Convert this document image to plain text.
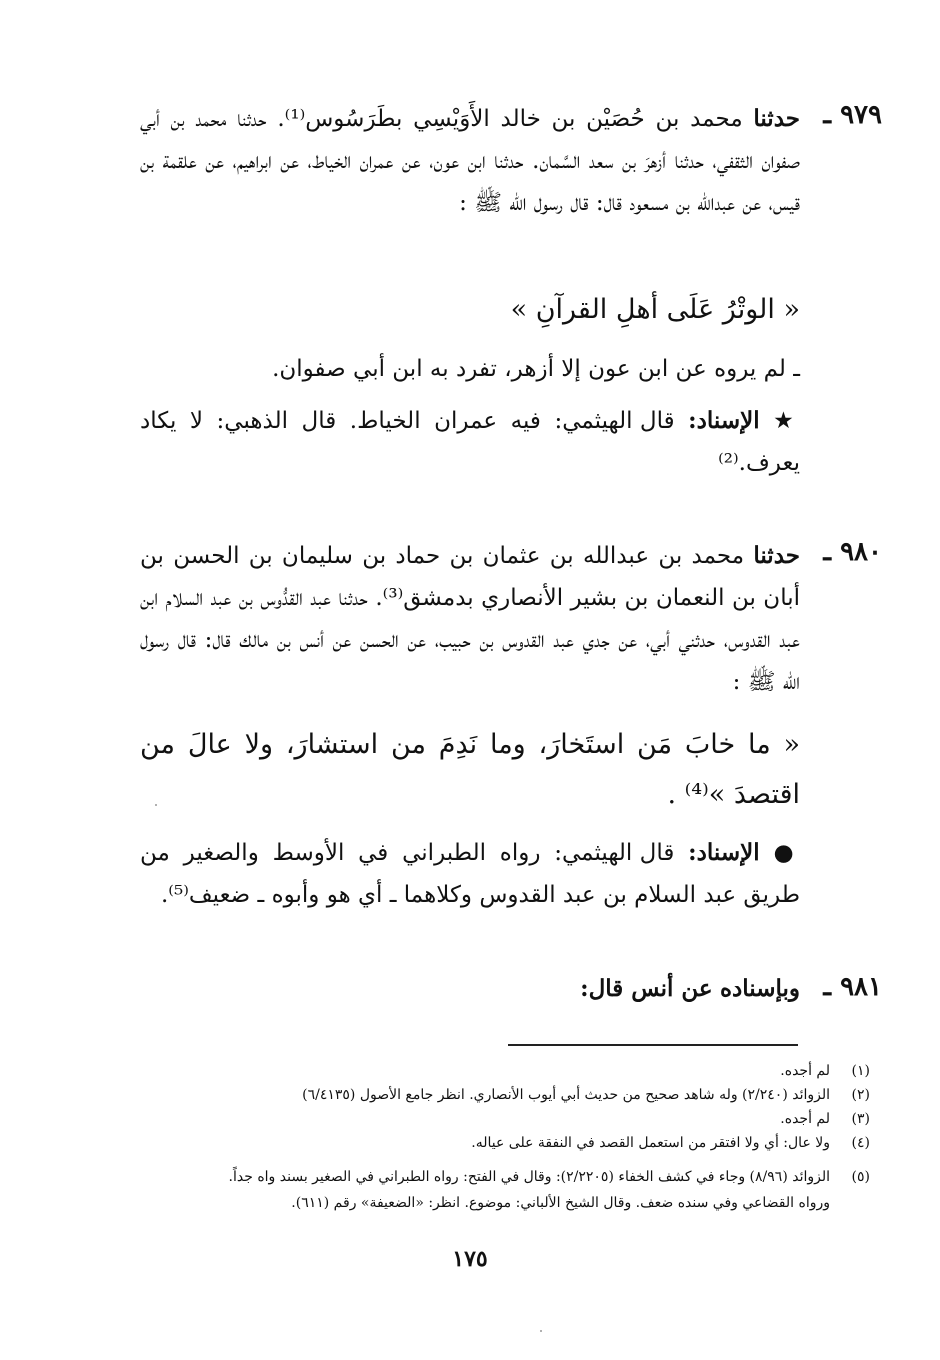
٩٧٩ ـ
حدثنا محمد بن حُصَيْن بن خالد الأَوَيْسِي بطَرَسُوس⁽¹⁾. حدثنا محمد بن أبي صفوان الثقفي، حدثنا أزهرَ بن سعد السَّمان. حدثنا ابن عون، عن عمران الخياط، عن ابراهيم، عن علقمة بن قيس، عن عبدالله بن مسعود قال: قال رسول الله ﷺ :
« الوتْرُ عَلَى أهلِ القرآنِ »
ـ لم يروه عن ابن عون إلا أزهر، تفرد به ابن أبي صفوان.
★ الإسناد: قال الهيثمي: فيه عمران الخياط. قال الذهبي: لا يكاد يعرف.⁽²⁾
٩٨٠ ـ
حدثنا محمد بن عبدالله بن عثمان بن حماد بن سليمان بن الحسن بن أبان بن النعمان بن بشير الأنصاري بدمشق⁽³⁾. حدثنا عبد القدُّوس بن عبد السلام ابن عبد القدوس، حدثني أبي، عن جدي عبد القدوس بن حبيب، عن الحسن عن أنس بن مالك قال: قال رسول الله ﷺ :
« ما خابَ مَن استَخارَ، وما نَدِمَ من استشارَ، ولا عالَ من اقتصدَ »⁽⁴⁾ .
● الإسناد: قال الهيثمي: رواه الطبراني في الأوسط والصغير من طريق عبد السلام بن عبد القدوس وكلاهما ـ أي هو وأبوه ـ ضعيف⁽⁵⁾.
٩٨١ ـ
وبإسناده عن أنس قال:
(١)لم أجده.
(٢)الزوائد (٢/٢٤٠) وله شاهد صحيح من حديث أبي أيوب الأنصاري. انظر جامع الأصول (٦/٤١٣٥)
(٣)لم أجده.
(٤)ولا عال: أي ولا افتقر من استعمل القصد في النفقة على عياله.
(٥)الزوائد (٨/٩٦) وجاء في كشف الخفاء (٢/٢٢٠٥): وقال في الفتح: رواه الطبراني في الصغير بسند واه جداً.
ورواه القضاعي وفي سنده ضعف. وقال الشيخ الألباني: موضوع. انظر: «الضعيفة» رقم (٦١١).
١٧٥
